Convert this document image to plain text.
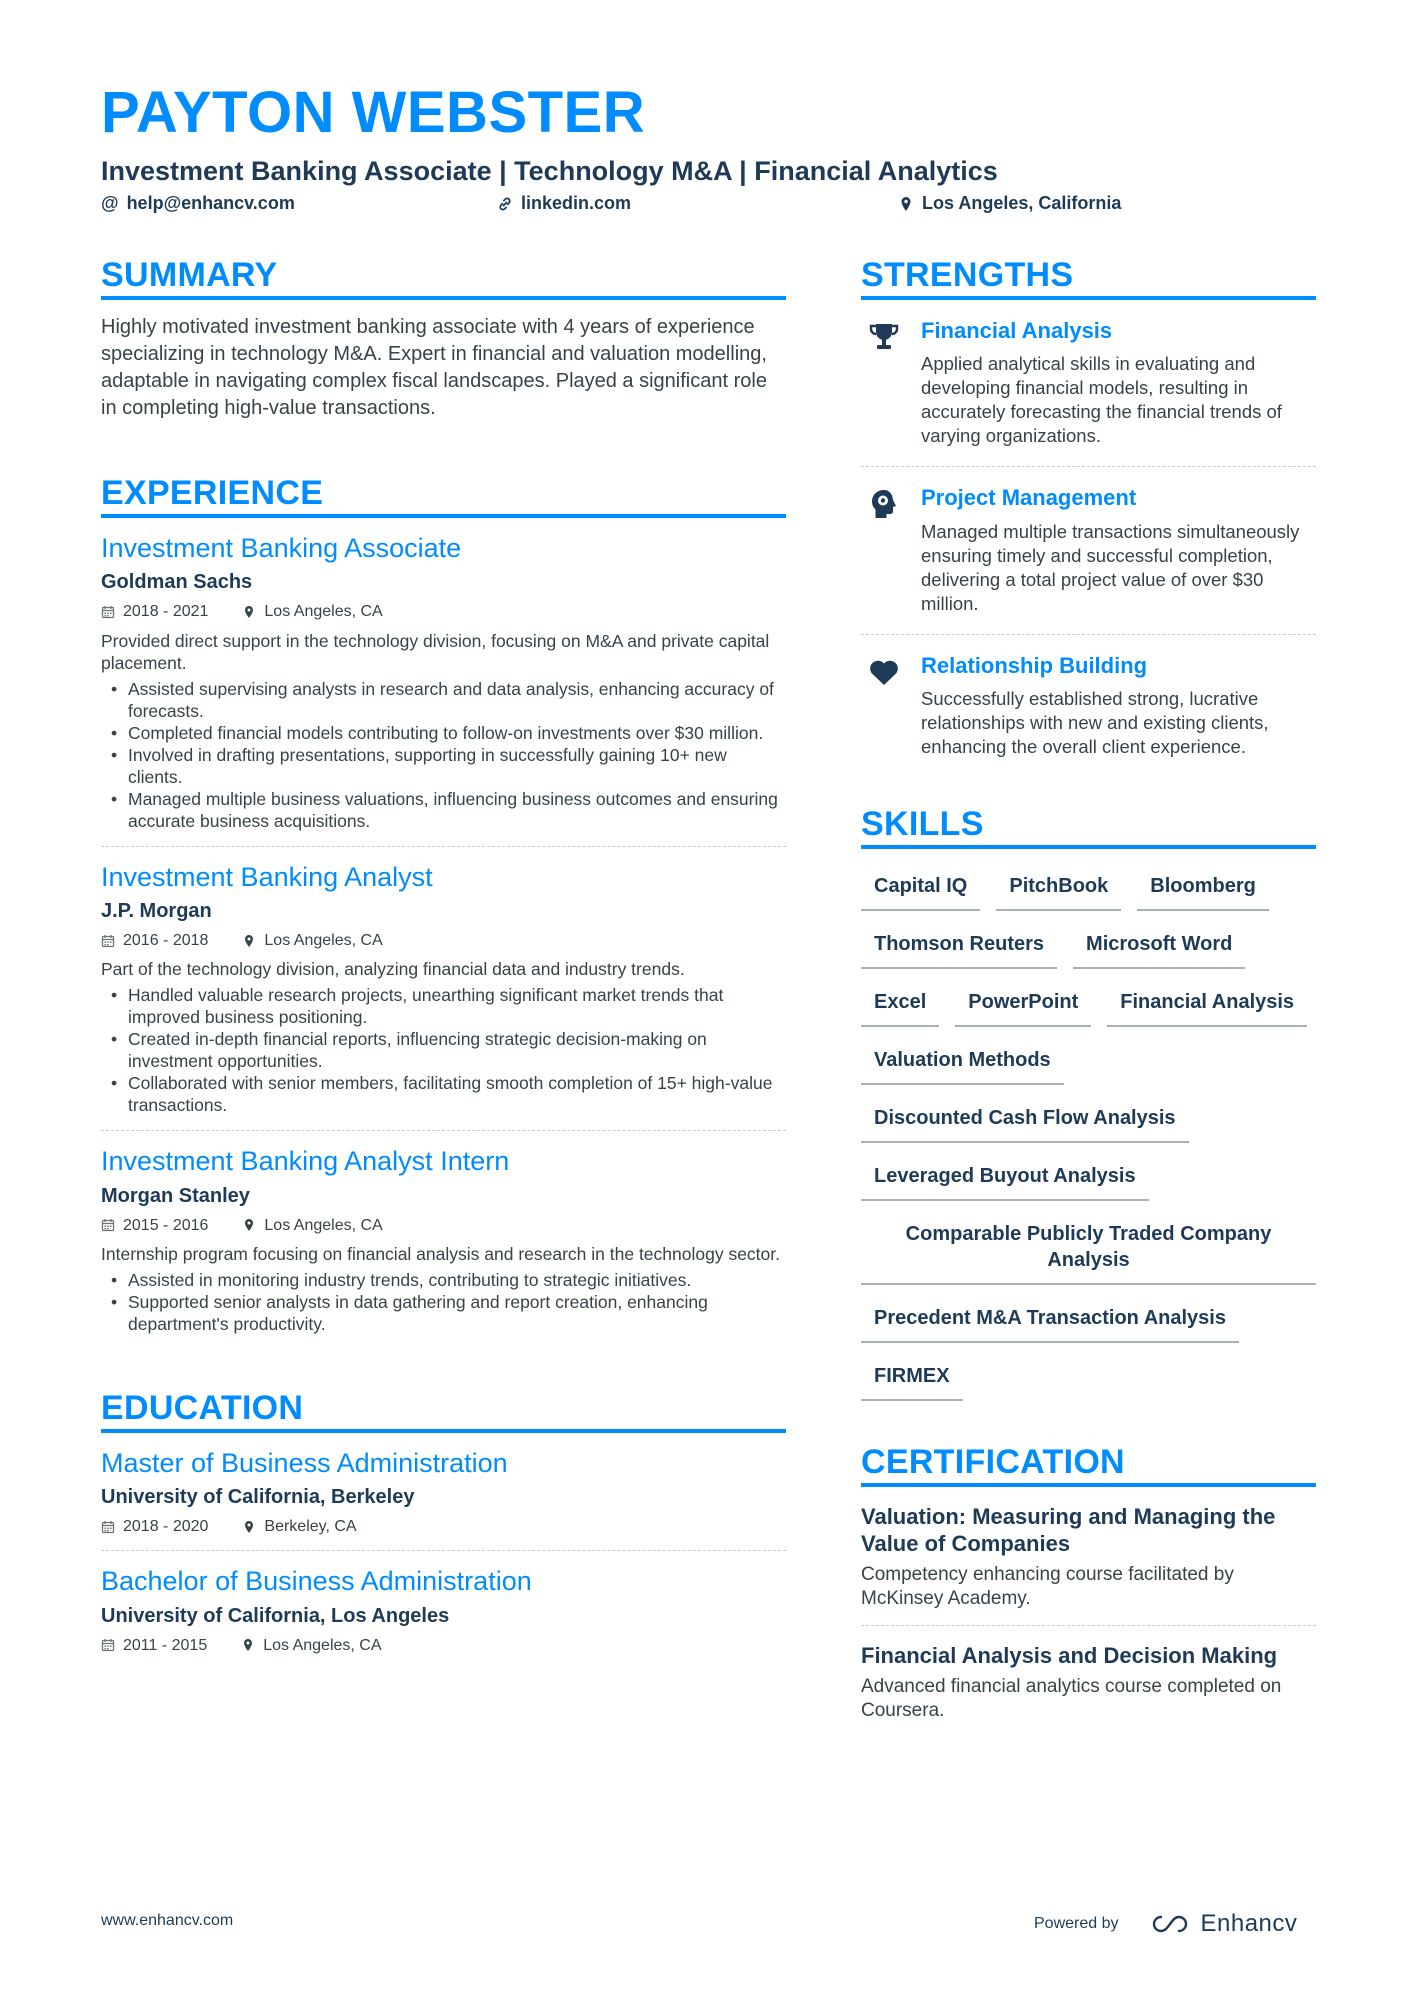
PAYTON WEBSTER
Investment Banking Associate | Technology M&A | Financial Analytics
@ help@enhancv.com	linkedin.com	Los Angeles, California
SUMMARY

Highly motivated investment banking associate with 4 years of experience specializing in technology M&A. Expert in financial and valuation modelling, adaptable in navigating complex fiscal landscapes. Played a significant role in completing high-value transactions.

EXPERIENCE
Investment Banking Associate
Goldman Sachs
2018 - 2021	Los Angeles, CA

Provided direct support in the technology division, focusing on M&A and private capital placement.

• Assisted supervising analysts in research and data analysis, enhancing accuracy of forecasts.
• Completed financial models contributing to follow-on investments over $30 million.
• Involved in drafting presentations, supporting in successfully gaining 10+ new clients.
• Managed multiple business valuations, influencing business outcomes and ensuring accurate business acquisitions.
Investment Banking Analyst
J.P. Morgan
2016 - 2018	Los Angeles, CA

Part of the technology division, analyzing financial data and industry trends.

• Handled valuable research projects, unearthing significant market trends that improved business positioning.
• Created in-depth financial reports, influencing strategic decision-making on investment opportunities.
• Collaborated with senior members, facilitating smooth completion of 15+ high-value transactions.
Investment Banking Analyst Intern
Morgan Stanley
2015 - 2016	Los Angeles, CA

Internship program focusing on financial analysis and research in the technology sector.

• Assisted in monitoring industry trends, contributing to strategic initiatives.
• Supported senior analysts in data gathering and report creation, enhancing department's productivity.
EDUCATION
Master of Business Administration
University of California, Berkeley
2018 - 2020	Berkeley, CA
Bachelor of Business Administration
University of California, Los Angeles
2011 - 2015	Los Angeles, CA
STRENGTHS
Financial Analysis

Applied analytical skills in evaluating and developing financial models, resulting in accurately forecasting the financial trends of varying organizations.

Project Management

Managed multiple transactions simultaneously ensuring timely and successful completion, delivering a total project value of over $30 million.

Relationship Building

Successfully established strong, lucrative relationships with new and existing clients, enhancing the overall client experience.

SKILLS
Capital IQ	PitchBook	Bloomberg
Thomson Reuters	Microsoft Word
Excel	PowerPoint	Financial Analysis
Valuation Methods
Discounted Cash Flow Analysis
Leveraged Buyout Analysis
Comparable Publicly Traded Company Analysis
Precedent M&A Transaction Analysis
FIRMEX
CERTIFICATION
Valuation: Measuring and Managing the Value of Companies

Competency enhancing course facilitated by McKinsey Academy.

Financial Analysis and Decision Making

Advanced financial analytics course completed on Coursera.

www.enhancv.com	Powered by	Enhancv
